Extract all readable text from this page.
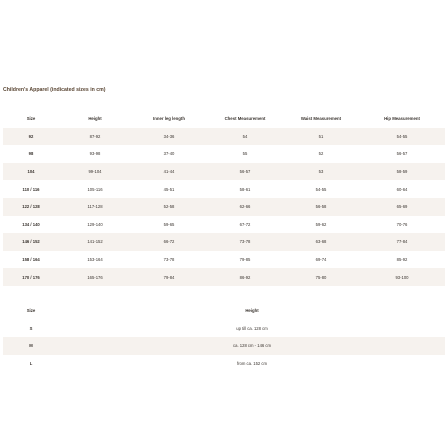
Children's Apparel (indicated sizes in cm)
Size	Height	Inner leg length	Chest Measurement	Waist Measurement	Hip Measurement
92	87-92	34-36	54	51	54-55
98	93-98	37-40	55	52	56-57
104	99-104	41-44	56-57	53	58-59
110 / 116	105-116	45-51	58-61	54-55	60-64
122 / 128	117-128	52-58	62-66	56-58	65-69
134 / 140	129-140	59-65	67-72	59-62	70-76
146 / 152	141-152	66-72	73-78	63-68	77-84
158 / 164	153-164	73-78	79-85	69-74	85-92
170 / 176	165-176	79-84	86-92	75-80	93-100
Size	Height
S	up till ca. 128 cm
M	ca. 128 cm - 146 cm
L	from ca. 152 cm
